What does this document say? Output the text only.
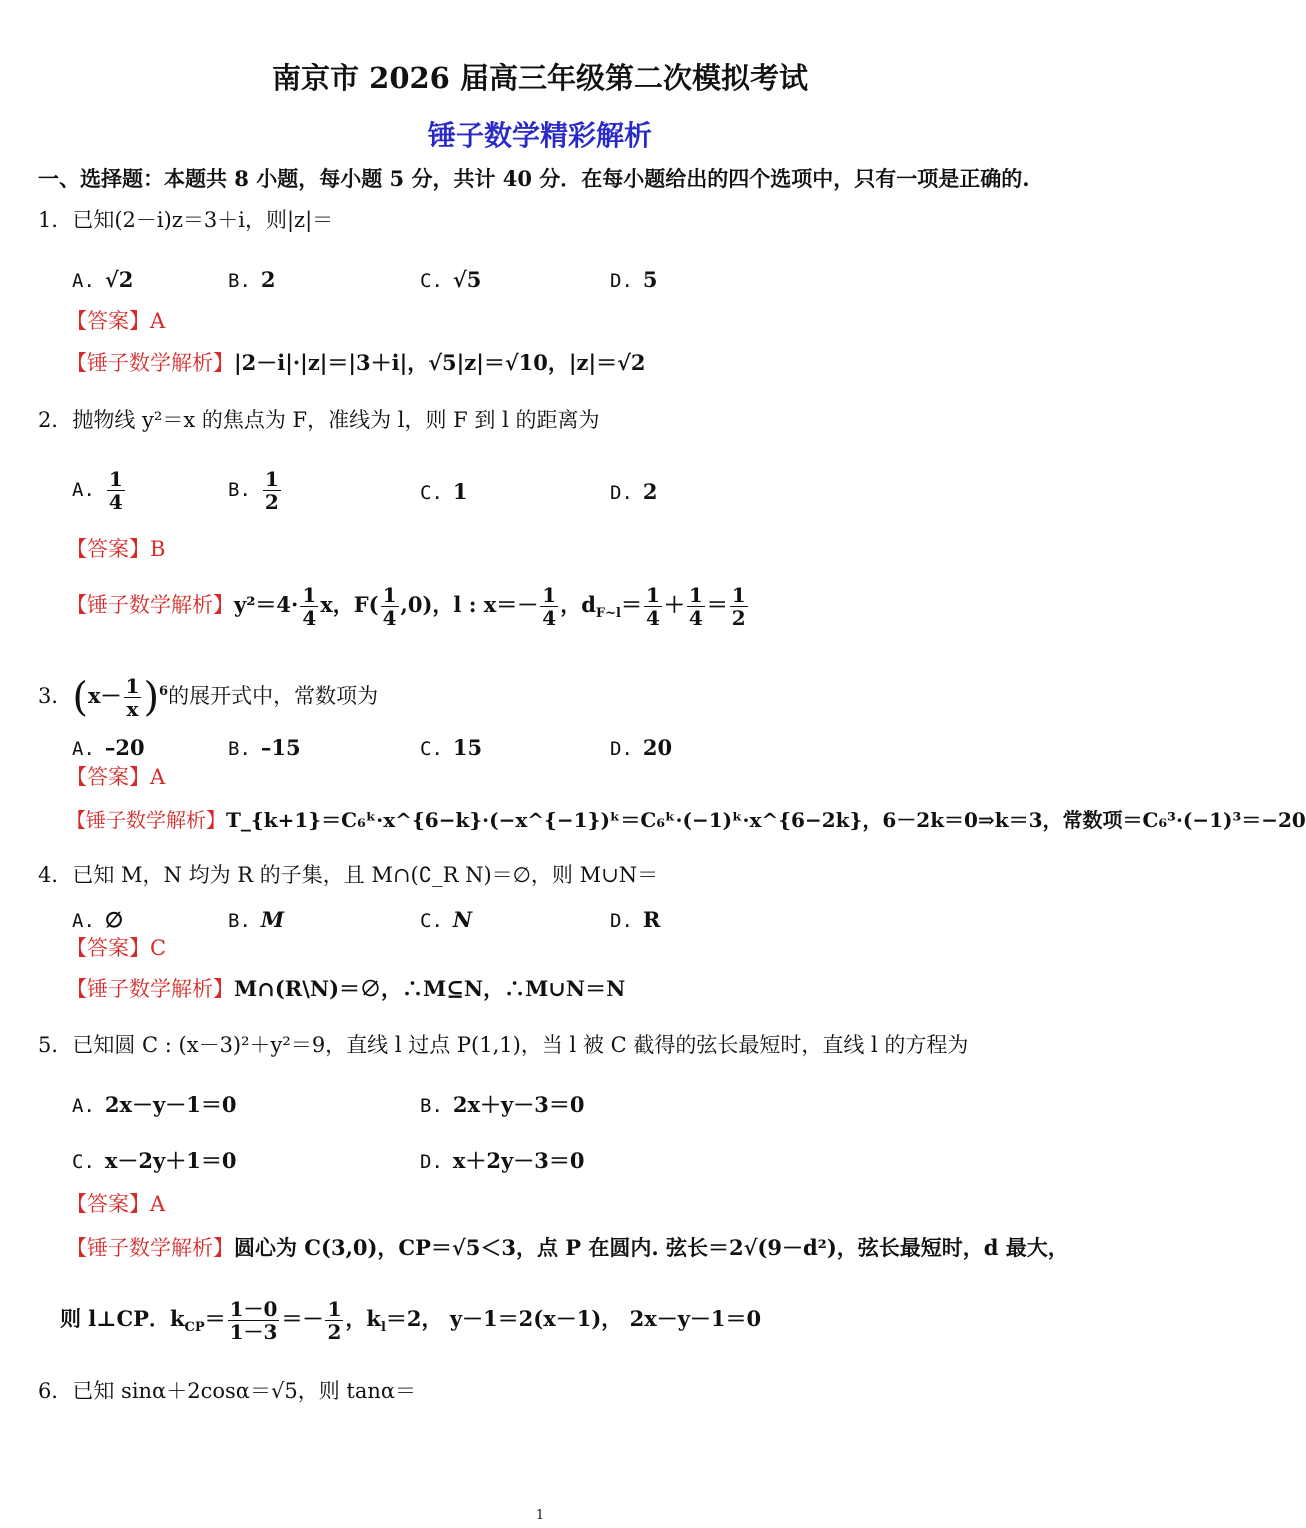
南京市 2026 届高三年级第二次模拟考试
锤子数学精彩解析
一、选择题：本题共 8 小题，每小题 5 分，共计 40 分．在每小题给出的四个选项中，只有一项是正确的.
1．已知(2－i)z＝3＋i，则|z|＝
A. √2	B. 2	C. √5	D. 5
【答案】A
【锤子数学解析】|2－i|·|z|＝|3＋i|，√5|z|＝√10，|z|＝√2
2．抛物线 y²＝x 的焦点为 F，准线为 l，则 F 到 l 的距离为
A. $\frac{1}{4}$	B. $\frac{1}{2}$	C. 1	D. 2
【答案】B
【锤子数学解析】$y^2=4\cdot \frac{1}{4}$ x，$F( \frac{1}{4} ,0)$，l : $x=- \frac{1}{4}$ ，$d_{F\sim l}= \frac{1}{4} + \frac{1}{4} = \frac{1}{2}$
3．$(x- \frac{1}{x} )^6$的展开式中，常数项为
A. –20	B. –15	C. 15	D. 20
【答案】A
【锤子数学解析】T_{k+1}＝C₆ᵏ·x^{6−k}·(−x^{−1})ᵏ＝C₆ᵏ·(−1)ᵏ·x^{6−2k}，6－2k＝0⇒k＝3，常数项＝C₆³·(−1)³＝−20
4．已知 M，N 均为 R 的子集，且 M∩(∁_R N)＝∅，则 M∪N＝
A. ∅	B. M	C. N	D. R
【答案】C
【锤子数学解析】M∩(R\N)＝∅，∴M⊆N，∴M∪N＝N
5．已知圆 C : (x－3)²＋y²＝9，直线 l 过点 P(1,1)，当 l 被 C 截得的弦长最短时，直线 l 的方程为
A. 2x－y－1＝0	B. 2x＋y－3＝0
C. x－2y＋1＝0	D. x＋2y－3＝0
【答案】A
【锤子数学解析】圆心为 C(3,0)，CP＝√5＜3，点 P 在圆内. 弦长＝2√(9－d²)，弦长最短时，d 最大，
则 l⊥CP．$k_{CP}= \frac{1-0}{1-3} =- \frac{1}{2}$ ，$k_l=2$， y－1＝2(x－1)， 2x－y－1＝0
6．已知 sinα＋2cosα＝√5，则 tanα＝
1
